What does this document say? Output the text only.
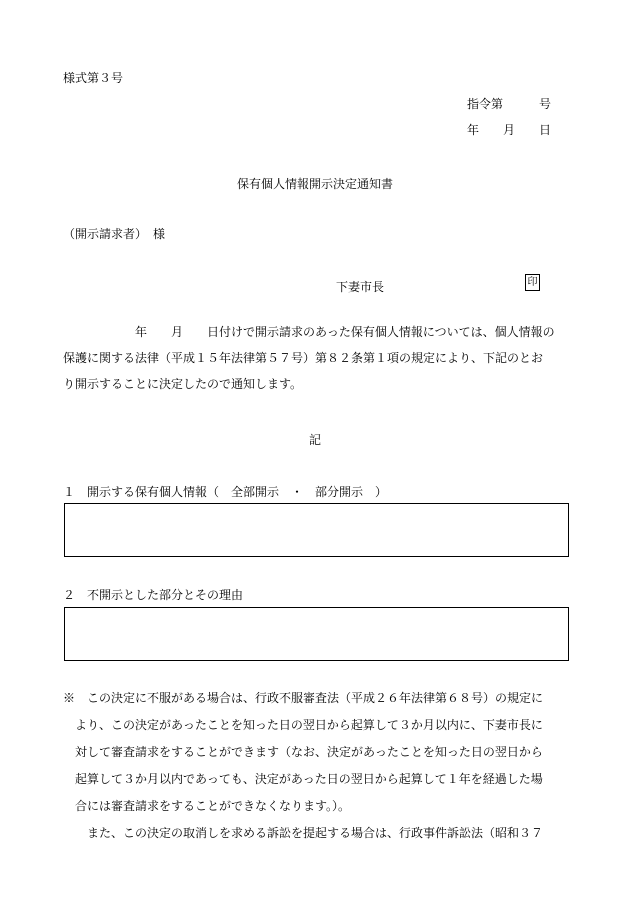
様式第３号
指令第　　　号
年　　月　　日
保有個人情報開示決定通知書
（開示請求者）　様
下妻市長	印
　　　　　　年　　月　　日付けで開示請求のあった保有個人情報については、個人情報の
保護に関する法律（平成１５年法律第５７号）第８２条第１項の規定により、下記のとお
り開示することに決定したので通知します。
記
１　開示する保有個人情報（　全部開示　・　部分開示　）
２　不開示とした部分とその理由
※　この決定に不服がある場合は、行政不服審査法（平成２６年法律第６８号）の規定に
より、この決定があったことを知った日の翌日から起算して３か月以内に、下妻市長に
対して審査請求をすることができます（なお、決定があったことを知った日の翌日から
起算して３か月以内であっても、決定があった日の翌日から起算して１年を経過した場
合には審査請求をすることができなくなります。）。
　また、この決定の取消しを求める訴訟を提起する場合は、行政事件訴訟法（昭和３７
